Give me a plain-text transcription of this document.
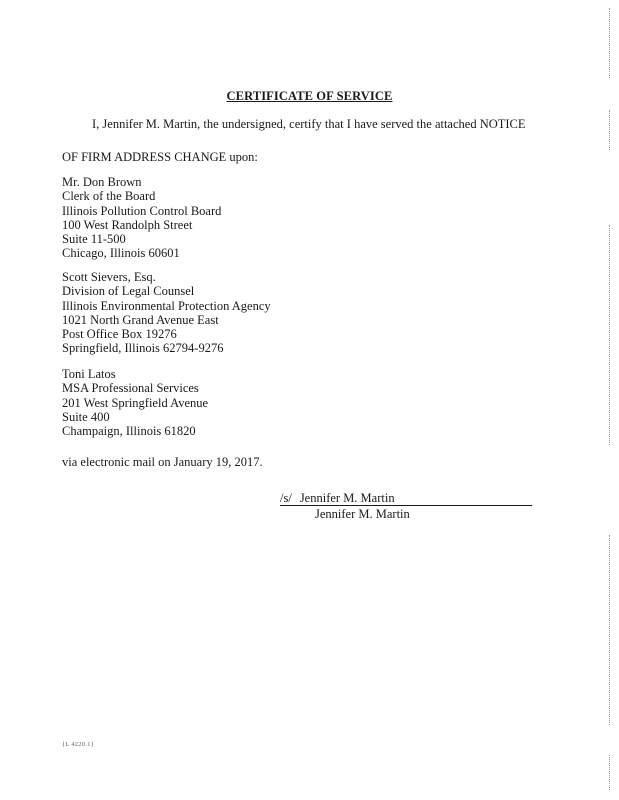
CERTIFICATE OF SERVICE
I, Jennifer M. Martin, the undersigned, certify that I have served the attached NOTICE
OF FIRM ADDRESS CHANGE upon:
Mr. Don Brown
Clerk of the Board
Illinois Pollution Control Board
100 West Randolph Street
Suite 11-500
Chicago, Illinois 60601
Scott Sievers, Esq.
Division of Legal Counsel
Illinois Environmental Protection Agency
1021 North Grand Avenue East
Post Office Box 19276
Springfield, Illinois 62794-9276
Toni Latos
MSA Professional Services
201 West Springfield Avenue
Suite 400
Champaign, Illinois 61820
via electronic mail on January 19, 2017.
/s/ Jennifer M. Martin
Jennifer M. Martin
{L 4220.1}
